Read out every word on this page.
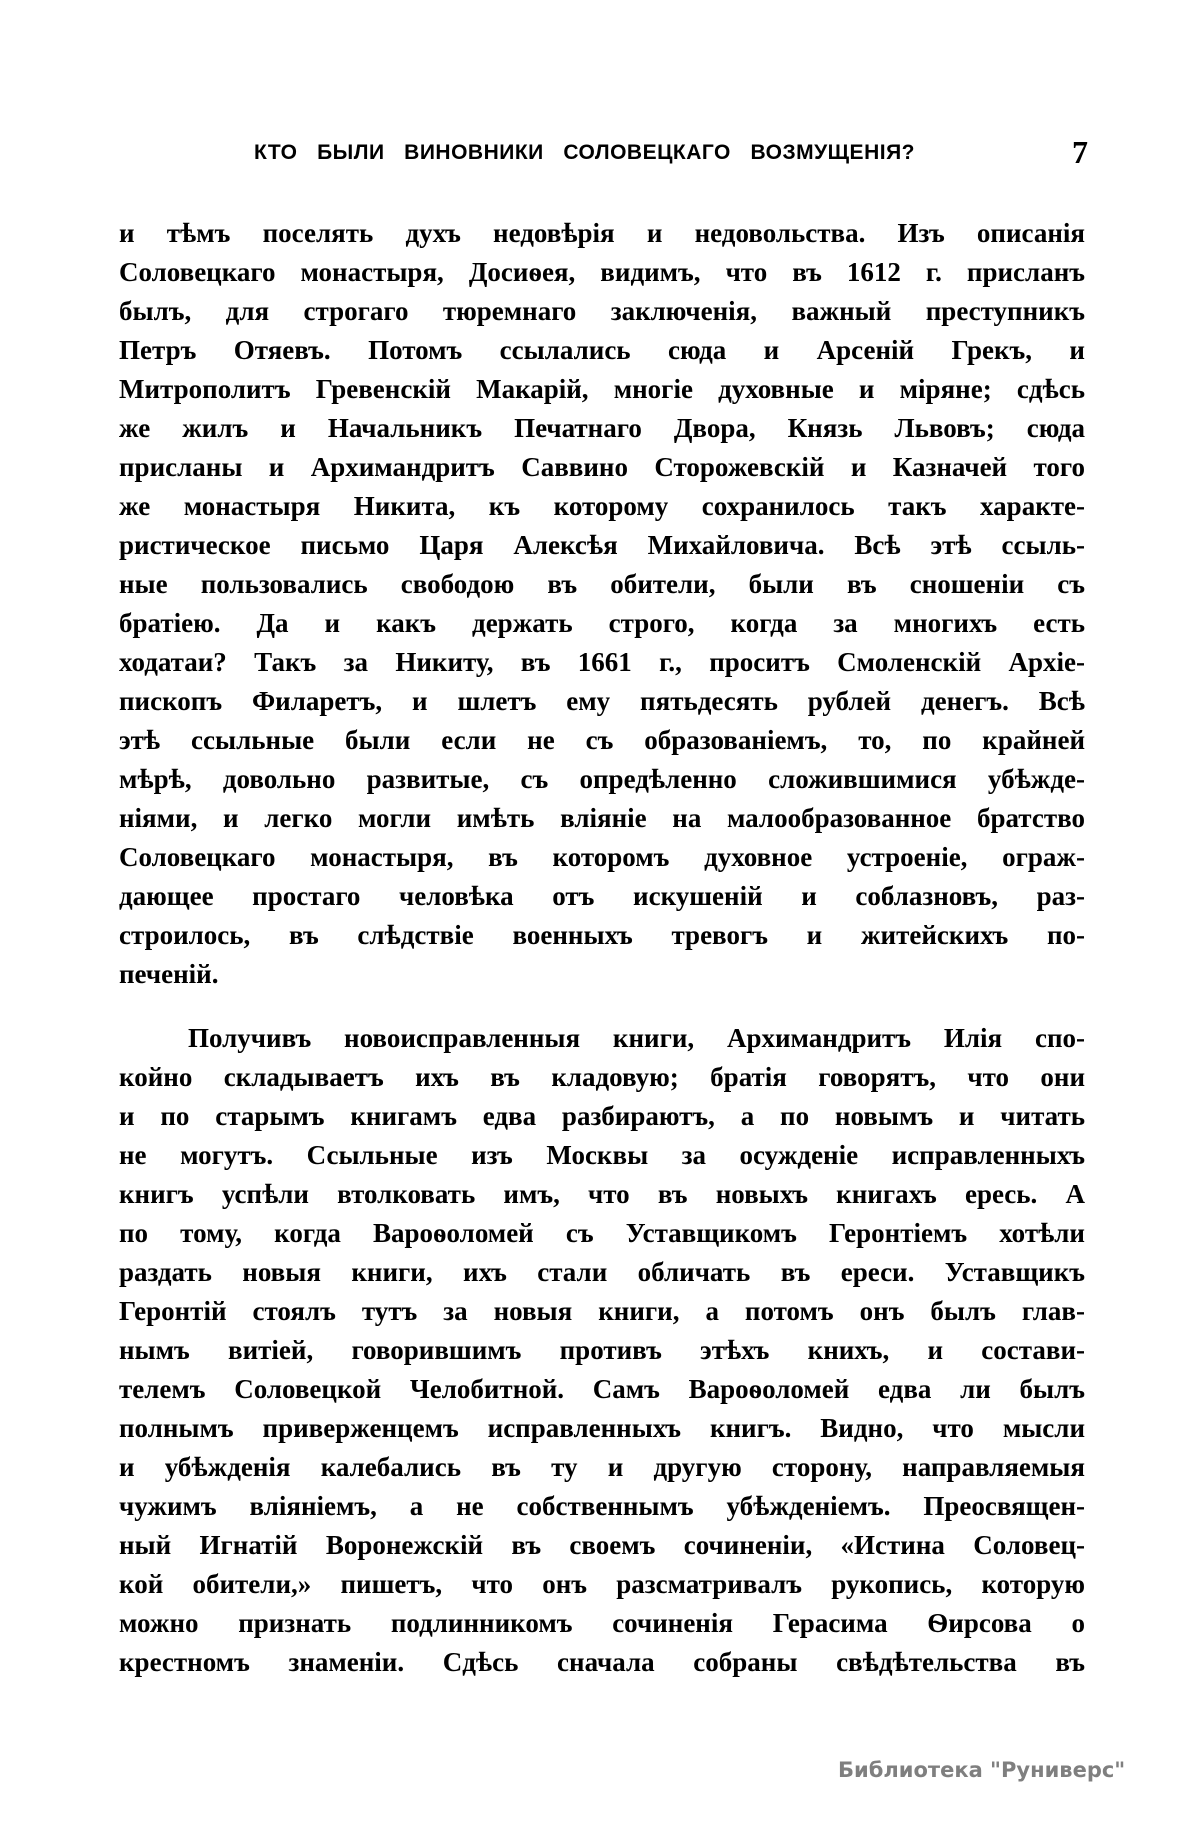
КТО БЫЛИ ВИНОВНИКИ СОЛОВЕЦКАГО ВОЗМУЩЕНІЯ?	7
и тѣмъ поселять духъ недовѣрія и недовольства. Изъ описанія
Соловецкаго монастыря, Досиѳея, видимъ, что въ 1612 г. присланъ
былъ, для строгаго тюремнаго заключенія, важный преступникъ
Петръ Отяевъ. Потомъ ссылались сюда и Арсеній Грекъ, и
Митрополитъ Гревенскій Макарій, многіе духовные и міряне; сдѣсь
же жилъ и Начальникъ Печатнаго Двора, Князь Львовъ; сюда
присланы и Архимандритъ Саввино Сторожевскій и Казначей того
же монастыря Никита, къ которому сохранилось такъ характе-
ристическое письмо Царя Алексѣя Михайловича. Всѣ этѣ ссыль-
ные пользовались свободою въ обители, были въ сношеніи съ
братіею. Да и какъ держать строго, когда за многихъ есть
ходатаи? Такъ за Никиту, въ 1661 г., проситъ Смоленскій Архіе-
пископъ Филаретъ, и шлетъ ему пятьдесять рублей денегъ. Всѣ
этѣ ссыльные были если не съ образованіемъ, то, по крайней
мѣрѣ, довольно развитые, съ опредѣленно сложившимися убѣжде-
ніями, и легко могли имѣть вліяніе на малообразованное братство
Соловецкаго монастыря, въ которомъ духовное устроеніе, ограж-
дающее простаго человѣка отъ искушеній и соблазновъ, раз-
строилось, въ слѣдствіе военныхъ тревогъ и житейскихъ по-
печеній.
Получивъ новоисправленныя книги, Архимандритъ Илія спо-
койно складываетъ ихъ въ кладовую; братія говорятъ, что они
и по старымъ книгамъ едва разбираютъ, а по новымъ и читать
не могутъ. Ссыльные изъ Москвы за осужденіе исправленныхъ
книгъ успѣли втолковать имъ, что въ новыхъ книгахъ ересь. А
по тому, когда Вароѳоломей съ Уставщикомъ Геронтіемъ хотѣли
раздать новыя книги, ихъ стали обличать въ ереси. Уставщикъ
Геронтій стоялъ тутъ за новыя книги, а потомъ онъ былъ глав-
нымъ витіей, говорившимъ противъ этѣхъ книхъ, и состави-
телемъ Соловецкой Челобитной. Самъ Вароѳоломей едва ли былъ
полнымъ приверженцемъ исправленныхъ книгъ. Видно, что мысли
и убѣжденія калебались въ ту и другую сторону, направляемыя
чужимъ вліяніемъ, а не собственнымъ убѣжденіемъ. Преосвящен-
ный Игнатій Воронежскій въ своемъ сочиненіи, «Истина Соловец-
кой обители,» пишетъ, что онъ разсматривалъ рукопись, которую
можно признать подлинникомъ сочиненія Герасима Ѳирсова о
крестномъ знаменіи. Сдѣсь сначала собраны свѣдѣтельства въ
Библиотека "Руниверс"
